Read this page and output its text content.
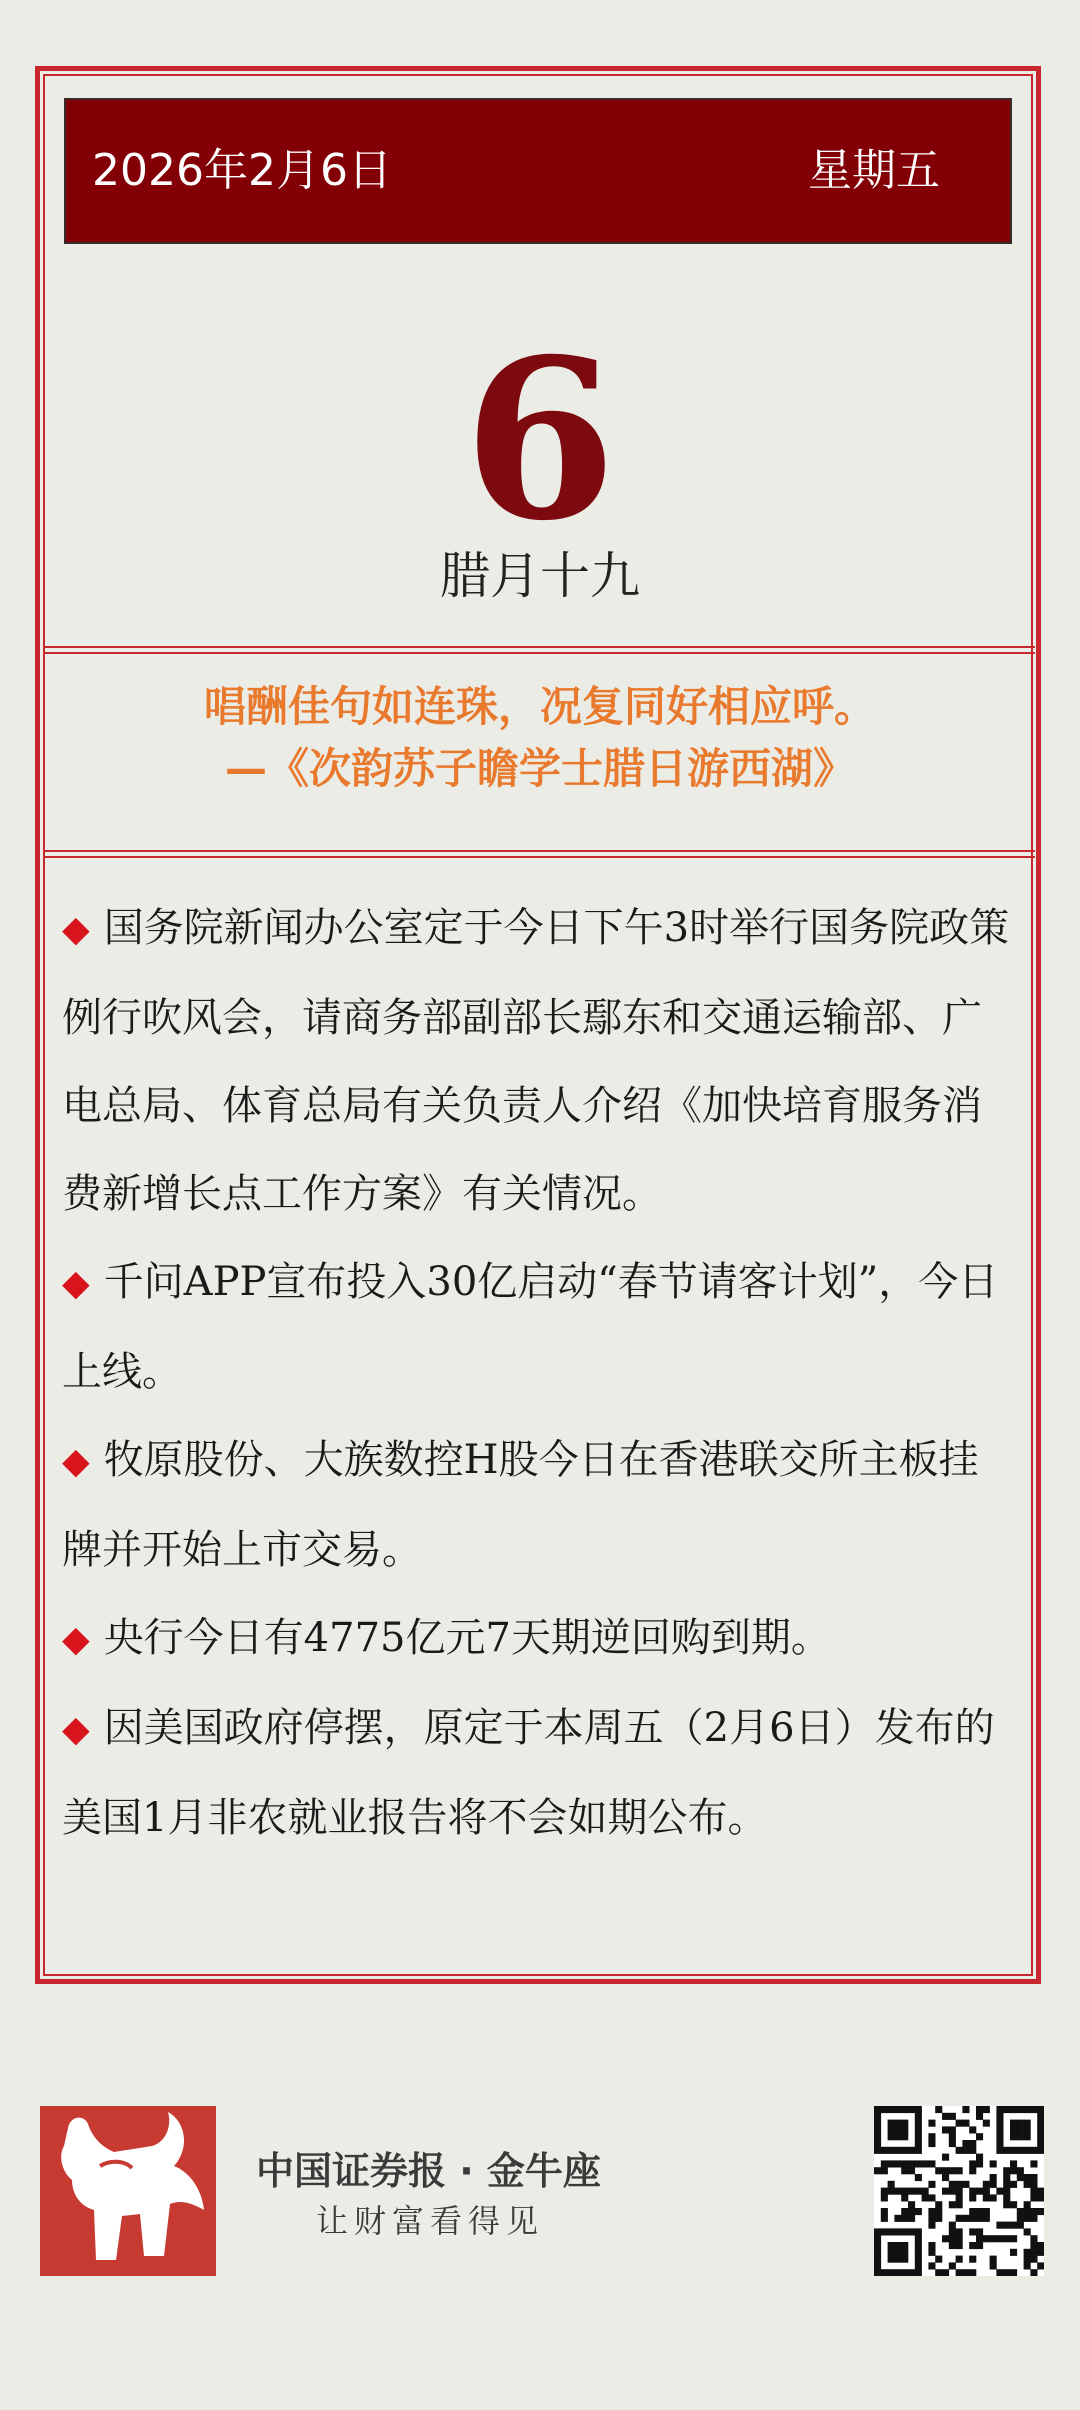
2026年2月6日	星期五
6
腊月十九
唱酬佳句如连珠，况复同好相应呼。
—《次韵苏子瞻学士腊日游西湖》
◆ 国务院新闻办公室定于今日下午3时举行国务院政策例行吹风会，请商务部副部长鄢东和交通运输部、广电总局、体育总局有关负责人介绍《加快培育服务消费新增长点工作方案》有关情况。
◆ 千问APP宣布投入30亿启动“春节请客计划”，今日上线。
◆ 牧原股份、大族数控H股今日在香港联交所主板挂牌并开始上市交易。
◆ 央行今日有4775亿元7天期逆回购到期。
◆ 因美国政府停摆，原定于本周五（2月6日）发布的美国1月非农就业报告将不会如期公布。
中国证券报 · 金牛座
让财富看得见
